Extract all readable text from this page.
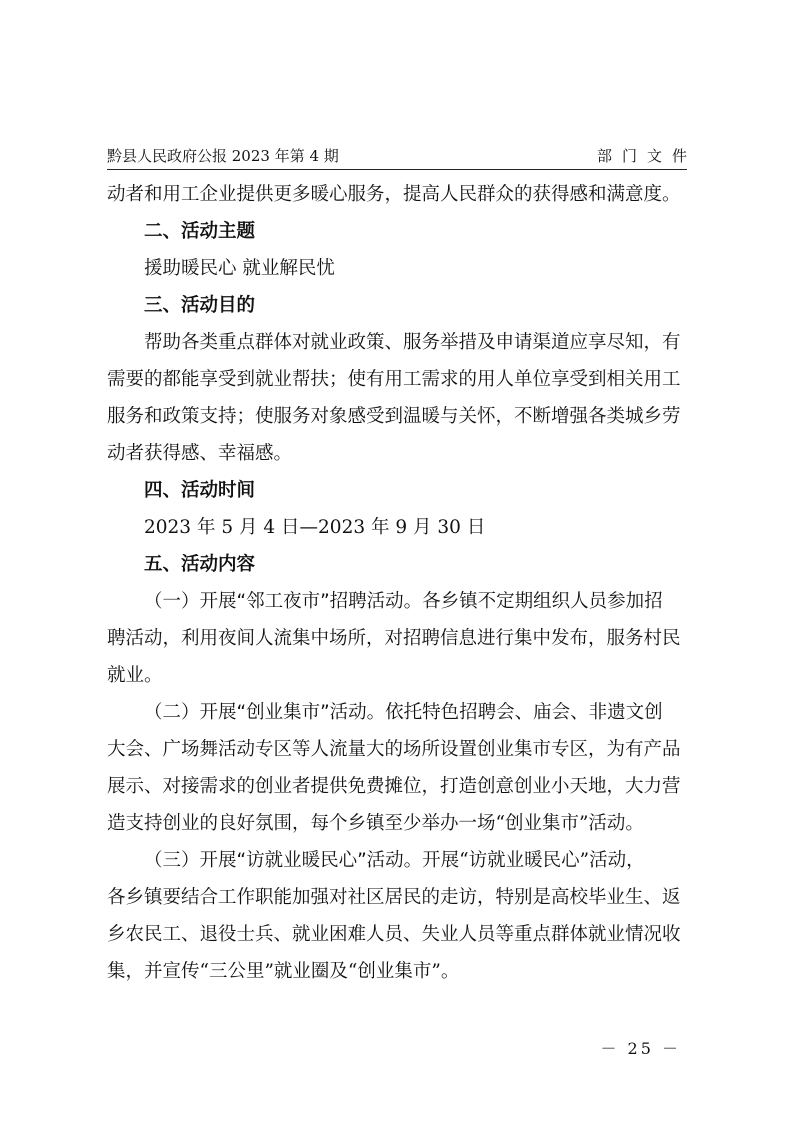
黔县人民政府公报 2023 年第 4 期	部门文件
动者和用工企业提供更多暖心服务，提高人民群众的获得感和满意度。
二、活动主题
援助暖民心 就业解民忧
三、活动目的
帮助各类重点群体对就业政策、服务举措及申请渠道应享尽知，有
需要的都能享受到就业帮扶；使有用工需求的用人单位享受到相关用工
服务和政策支持；使服务对象感受到温暖与关怀，不断增强各类城乡劳
动者获得感、幸福感。
四、活动时间
2023 年 5 月 4 日—2023 年 9 月 30 日
五、活动内容
（一）开展“邻工夜市”招聘活动。各乡镇不定期组织人员参加招
聘活动，利用夜间人流集中场所，对招聘信息进行集中发布，服务村民
就业。
（二）开展“创业集市”活动。依托特色招聘会、庙会、非遗文创
大会、广场舞活动专区等人流量大的场所设置创业集市专区，为有产品
展示、对接需求的创业者提供免费摊位，打造创意创业小天地，大力营
造支持创业的良好氛围，每个乡镇至少举办一场“创业集市”活动。
（三）开展“访就业暖民心”活动。开展“访就业暖民心”活动，
各乡镇要结合工作职能加强对社区居民的走访，特别是高校毕业生、返
乡农民工、退役士兵、就业困难人员、失业人员等重点群体就业情况收
集，并宣传“三公里”就业圈及“创业集市”。
－ 25 －
